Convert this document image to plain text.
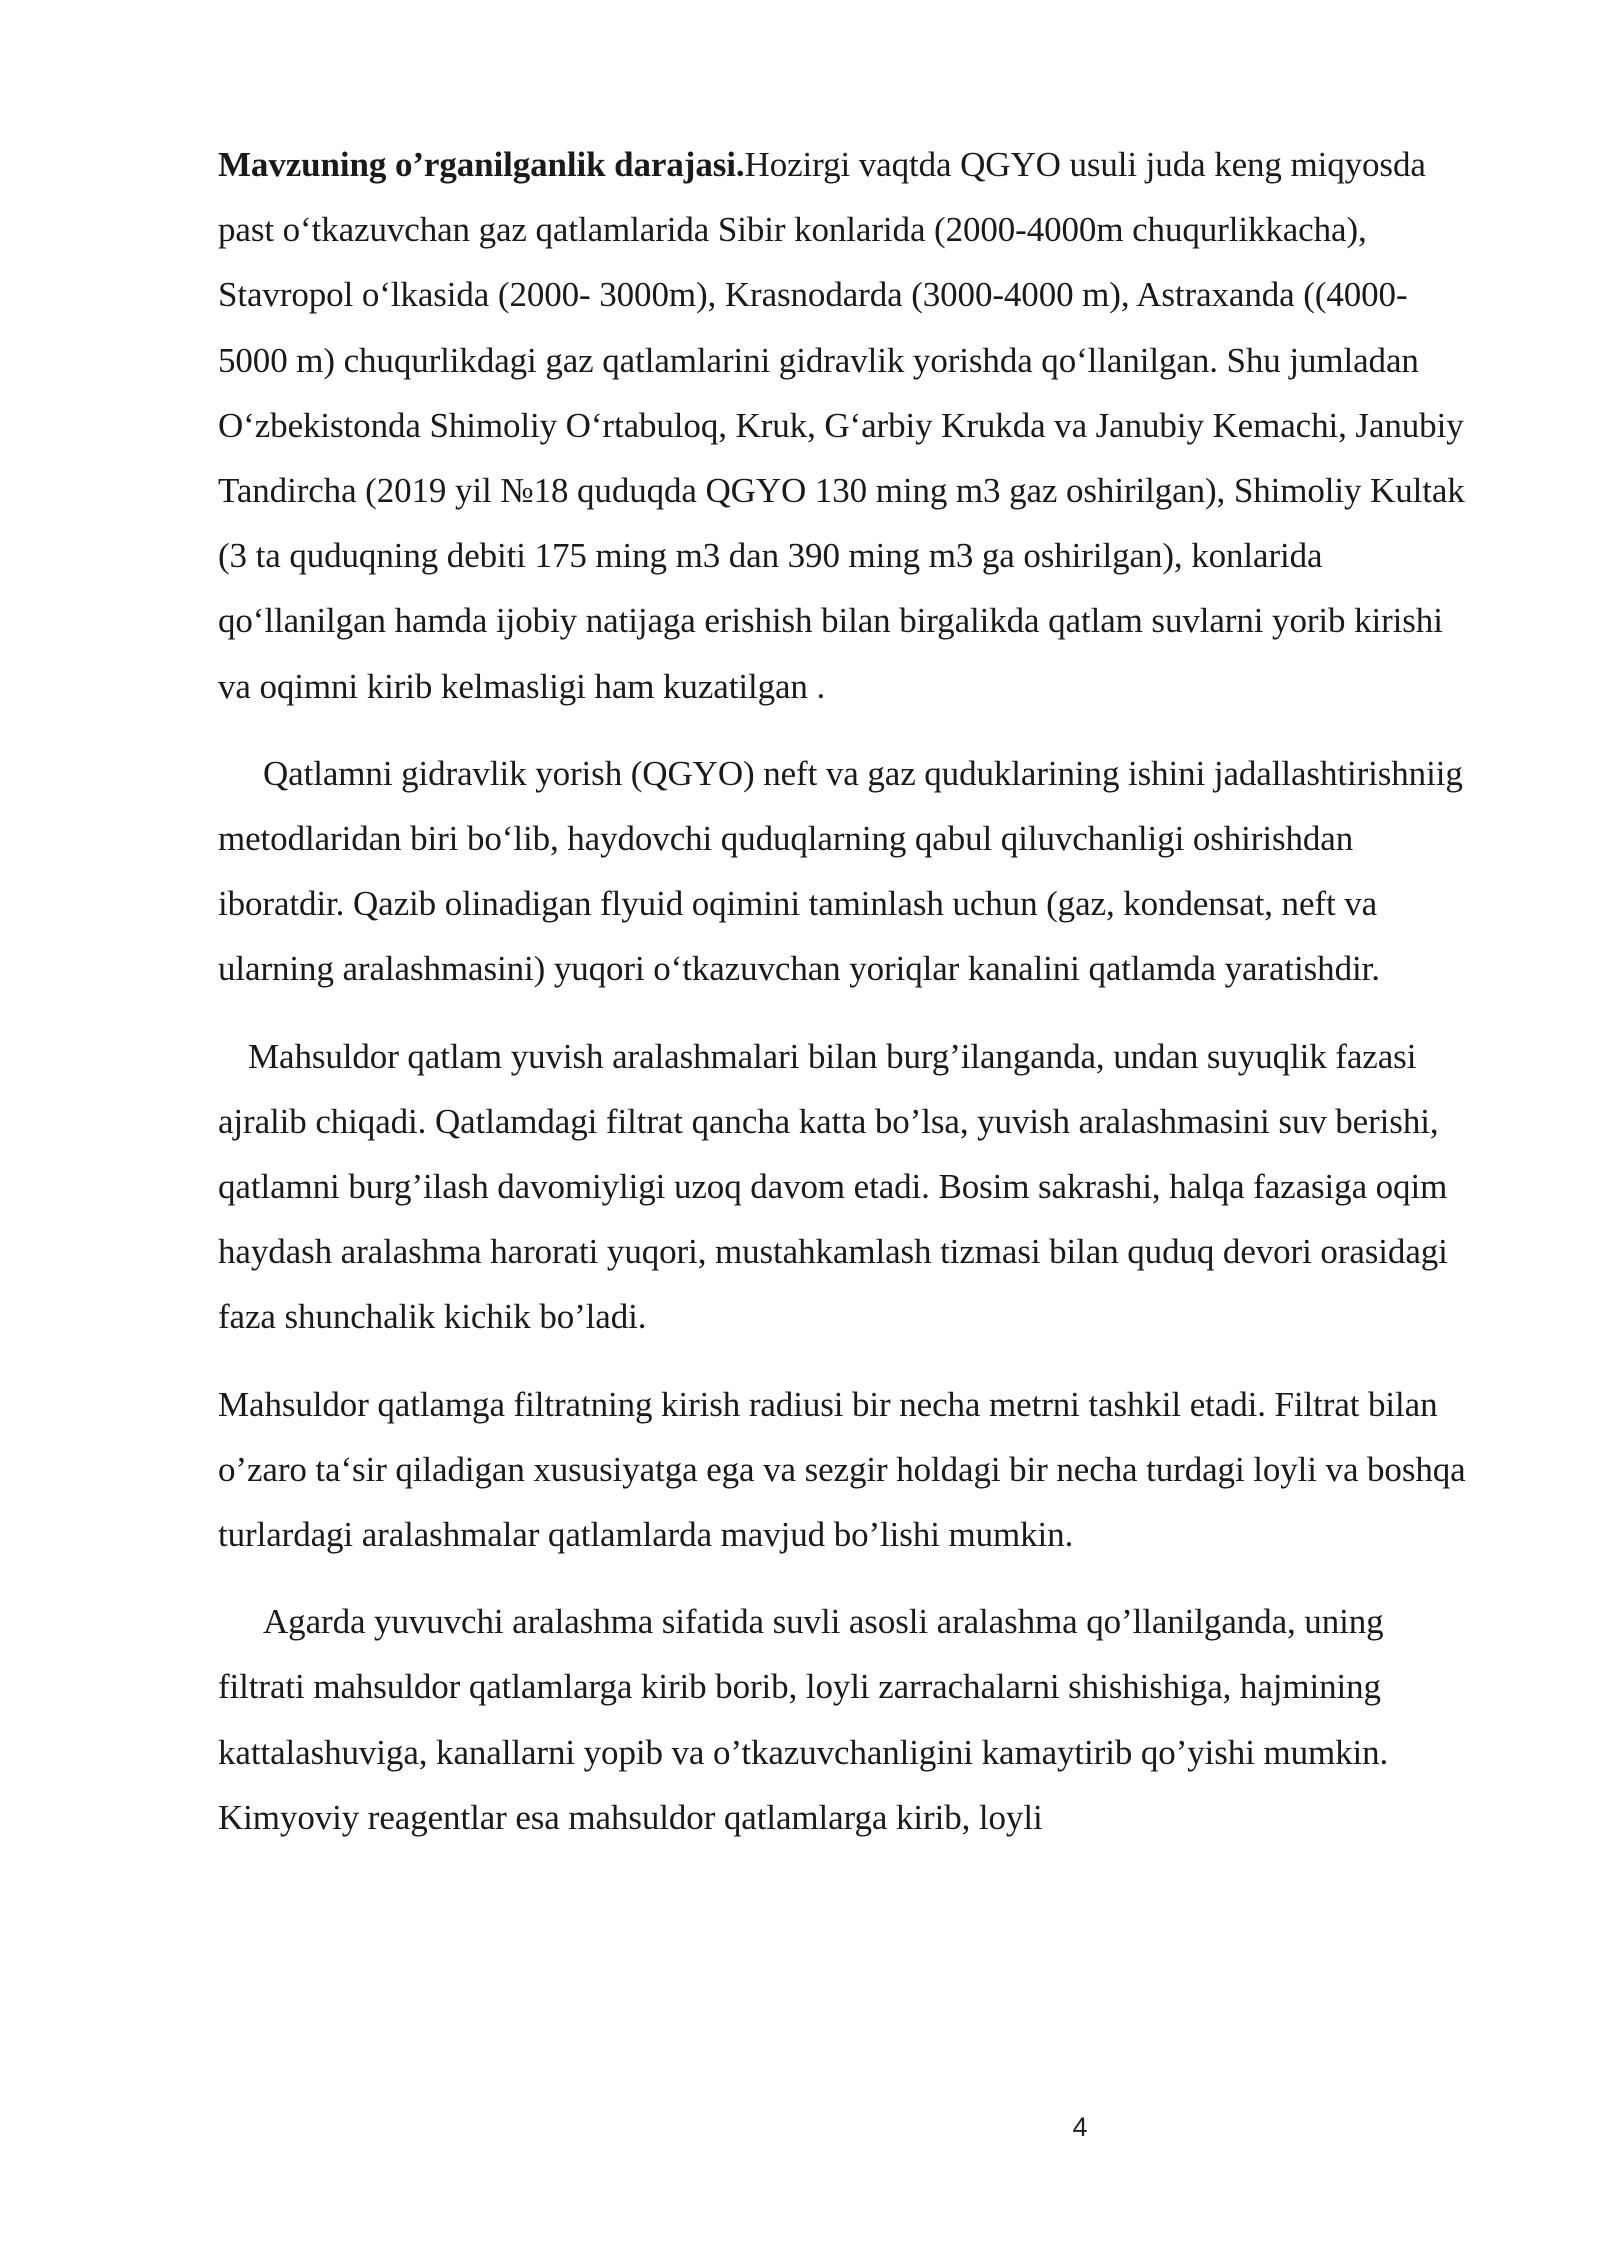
Mavzuning o’rganilganlik darajasi.Hozirgi vaqtda QGYO usuli juda keng miqyosda past o‘tkazuvchan gaz qatlamlarida Sibir konlarida (2000-4000m chuqurlikkacha), Stavropol o‘lkasida (2000- 3000m), Krasnodarda (3000-4000 m), Astraxanda ((4000-5000 m) chuqurlikdagi gaz qatlamlarini gidravlik yorishda qo‘llanilgan. Shu jumladan O‘zbekistonda Shimoliy O‘rtabuloq, Kruk, G‘arbiy Krukda va Janubiy Kemachi, Janubiy Tandircha (2019 yil №18 quduqda QGYO 130 ming m3 gaz oshirilgan), Shimoliy Kultak (3 ta quduqning debiti 175 ming m3 dan 390 ming m3 ga oshirilgan), konlarida qo‘llanilgan hamda ijobiy natijaga erishish bilan birgalikda qatlam suvlarni yorib kirishi va oqimni kirib kelmasligi ham kuzatilgan .

Qatlamni gidravlik yorish (QGYO) neft va gaz quduklarining ishini jadallashtirishniig metodlaridan biri bo‘lib, haydovchi quduqlarning qabul qiluvchanligi oshirishdan iboratdir. Qazib olinadigan flyuid oqimini taminlash uchun (gaz, kondensat, neft va ularning aralashmasini) yuqori o‘tkazuvchan yoriqlar kanalini qatlamda yaratishdir.

Mahsuldor qatlam yuvish aralashmalari bilan burg’ilanganda, undan suyuqlik fazasi ajralib chiqadi. Qatlamdagi filtrat qancha katta bo’lsa, yuvish aralashmasini suv berishi, qatlamni burg’ilash davomiyligi uzoq davom etadi. Bosim sakrashi, halqa fazasiga oqim haydash aralashma harorati yuqori, mustahkamlash tizmasi bilan quduq devori orasidagi faza shunchalik kichik bo’ladi.

Mahsuldor qatlamga filtratning kirish radiusi bir necha metrni tashkil etadi. Filtrat bilan o’zaro ta‘sir qiladigan xususiyatga ega va sezgir holdagi bir necha turdagi loyli va boshqa turlardagi aralashmalar qatlamlarda mavjud bo’lishi mumkin.

Agarda yuvuvchi aralashma sifatida suvli asosli aralashma qo’llanilganda, uning filtrati mahsuldor qatlamlarga kirib borib, loyli zarrachalarni shishishiga, hajmining kattalashuviga, kanallarni yopib va o’tkazuvchanligini kamaytirib qo’yishi mumkin. Kimyoviy reagentlar esa mahsuldor qatlamlarga kirib, loyli

4
